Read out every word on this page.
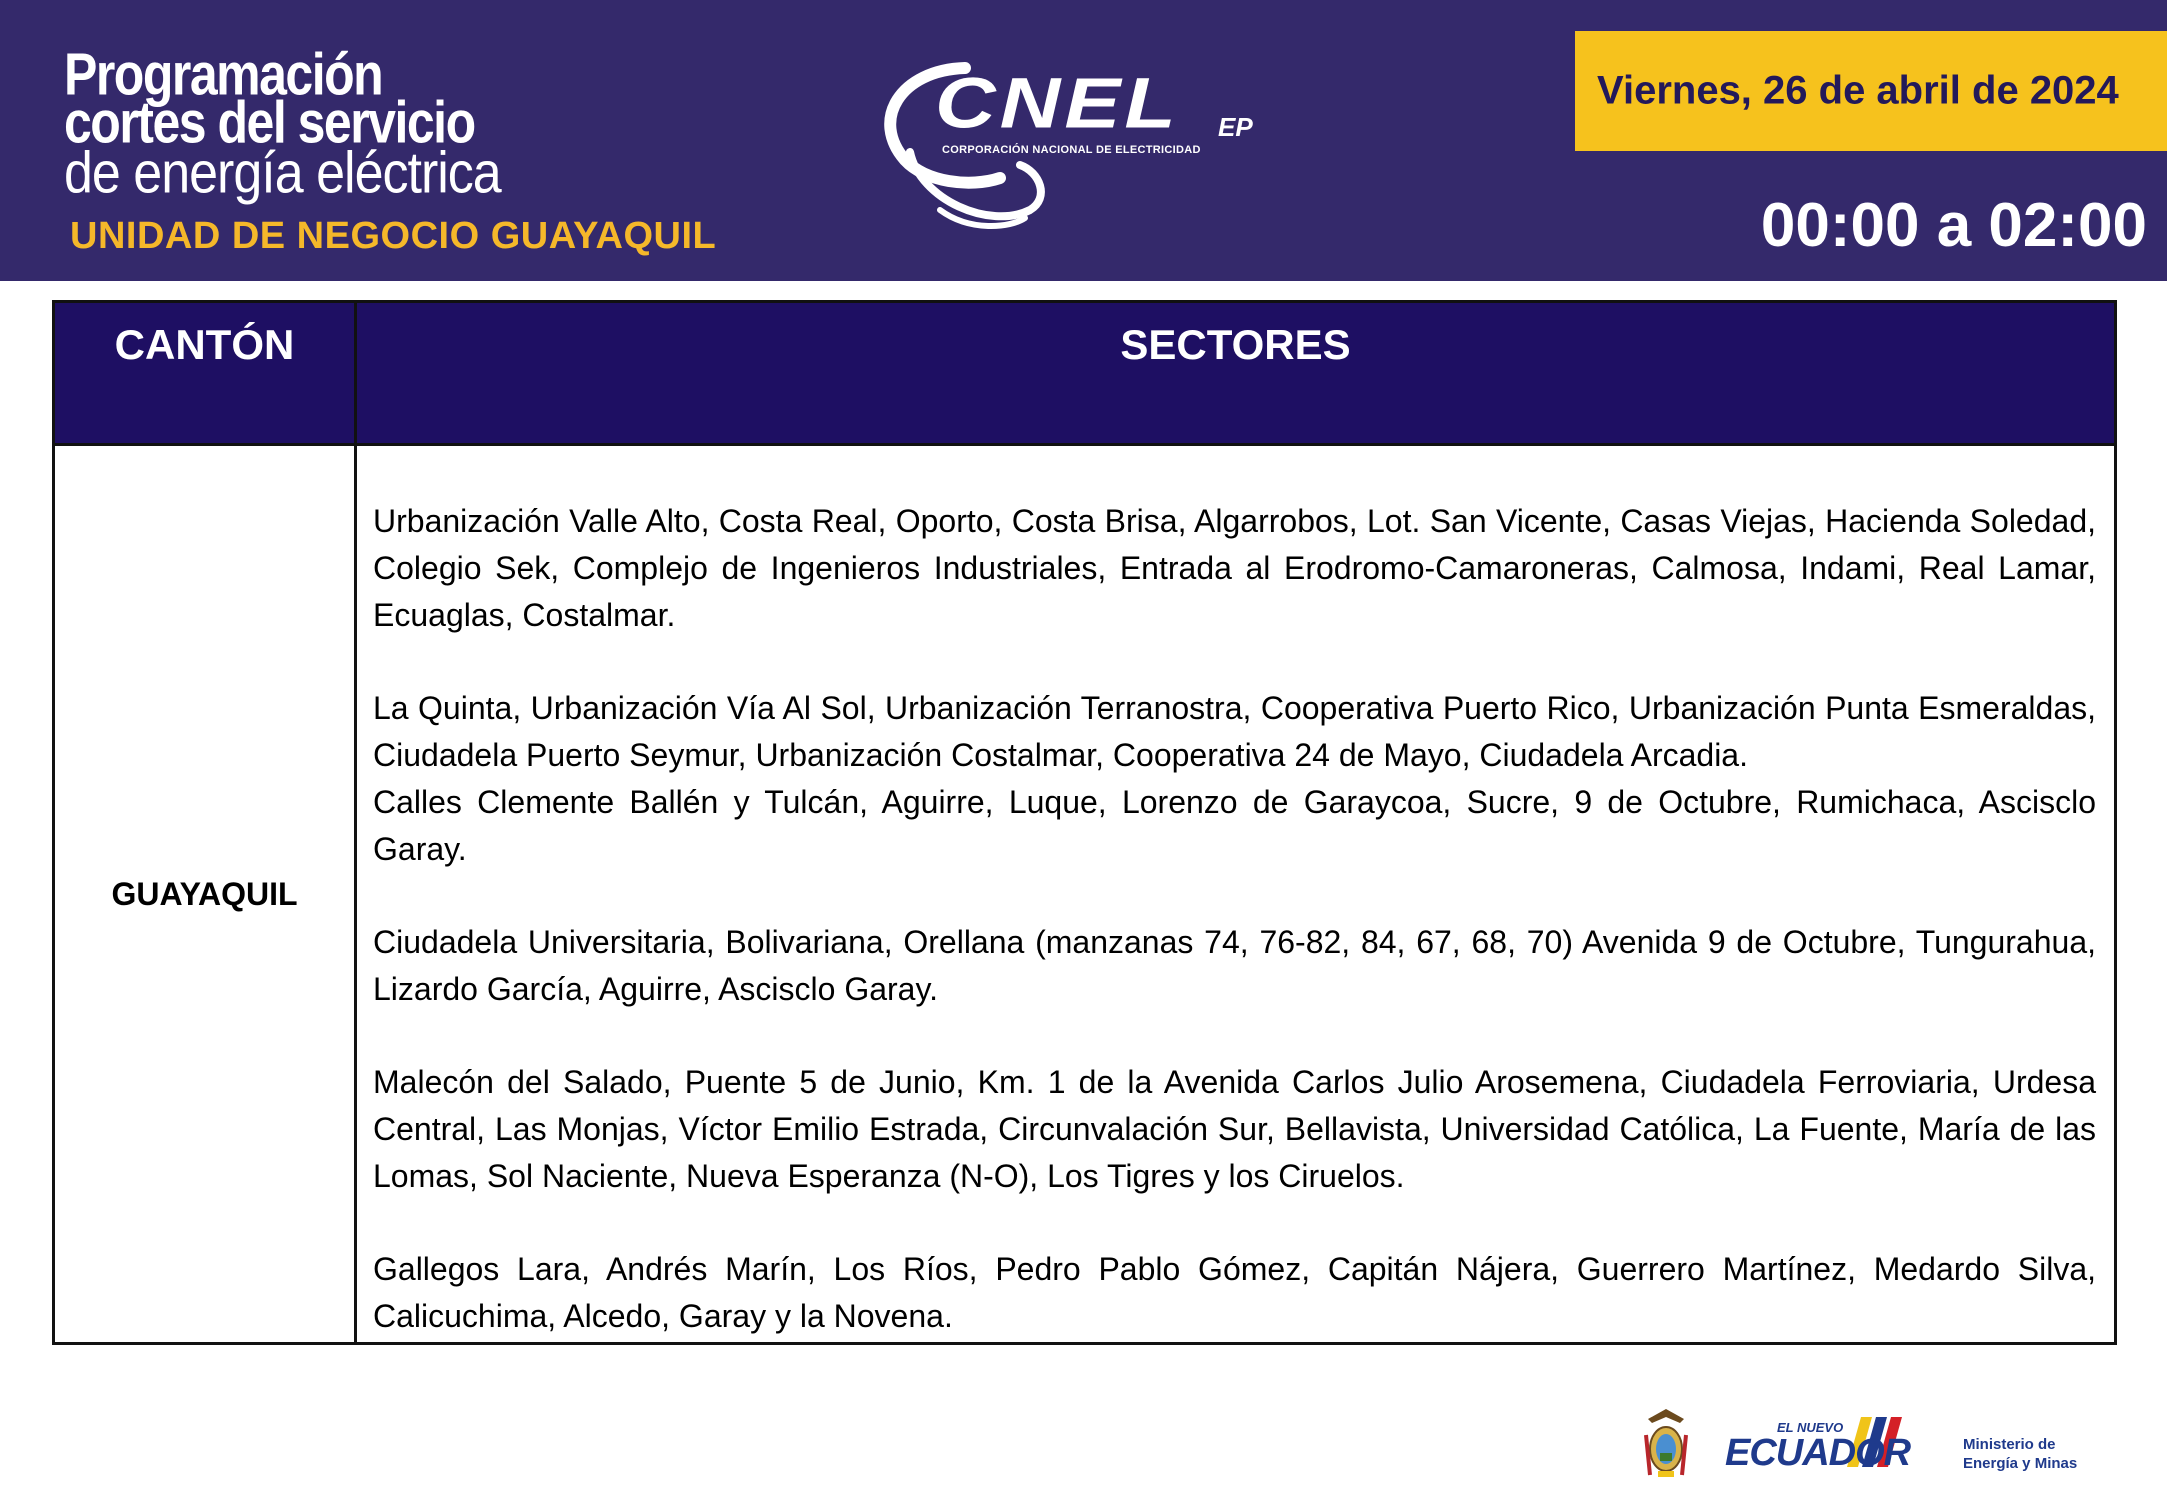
Programación
cortes del servicio
de energía eléctrica
UNIDAD DE NEGOCIO GUAYAQUIL
CNEL EP
CORPORACIÓN NACIONAL DE ELECTRICIDAD
Viernes, 26 de abril de 2024
00:00 a 02:00
CANTÓN	SECTORES
GUAYAQUIL

Urbanización Valle Alto, Costa Real, Oporto, Costa Brisa, Algarrobos, Lot. San Vicente, Casas Viejas, Hacienda Soledad, Colegio Sek, Complejo de Ingenieros Industriales, Entrada al Erodromo-Camaroneras, Calmosa, Indami, Real Lamar, Ecuaglas, Costalmar.

La Quinta, Urbanización Vía Al Sol, Urbanización Terranostra, Cooperativa Puerto Rico, Urbanización Punta Esmeraldas, Ciudadela Puerto Seymur, Urbanización Costalmar, Cooperativa 24 de Mayo, Ciudadela Arcadia.

Calles Clemente Ballén y Tulcán, Aguirre, Luque, Lorenzo de Garaycoa, Sucre, 9 de Octubre, Rumichaca, Ascisclo Garay.

Ciudadela Universitaria, Bolivariana, Orellana (manzanas 74, 76-82, 84, 67, 68, 70) Avenida 9 de Octubre, Tungurahua, Lizardo García, Aguirre, Ascisclo Garay.

Malecón del Salado, Puente 5 de Junio, Km. 1 de la Avenida Carlos Julio Arosemena, Ciudadela Ferroviaria, Urdesa Central, Las Monjas, Víctor Emilio Estrada, Circunvalación Sur, Bellavista, Universidad Católica, La Fuente, María de las Lomas, Sol Naciente, Nueva Esperanza (N-O), Los Tigres y los Ciruelos.

Gallegos Lara, Andrés Marín, Los Ríos, Pedro Pablo Gómez, Capitán Nájera, Guerrero Martínez, Medardo Silva, Calicuchima, Alcedo, Garay y la Novena.

EL NUEVO
ECUADOR	Ministerio de
Energía y Minas
